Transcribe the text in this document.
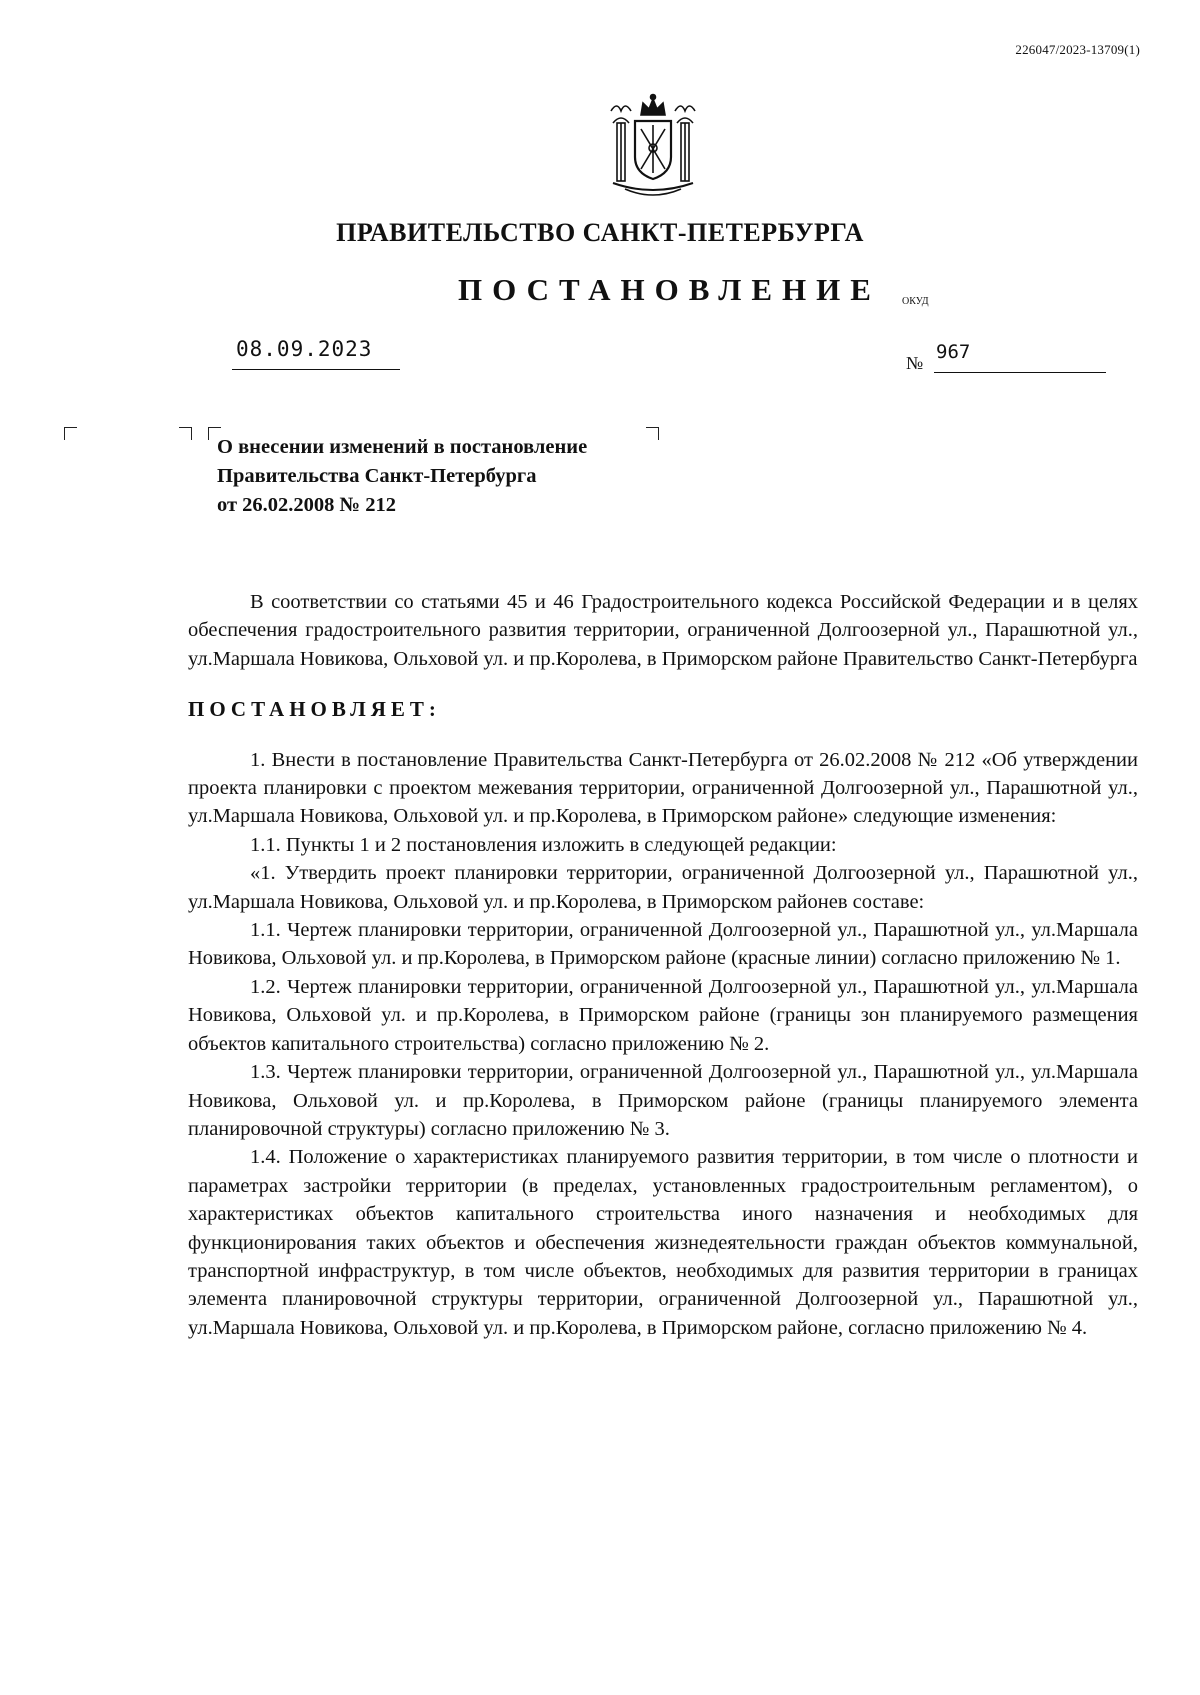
226047/2023-13709(1)
ПРАВИТЕЛЬСТВО САНКТ-ПЕТЕРБУРГА
ПОСТАНОВЛЕНИЕ ОКУД
08.09.2023
№ 967
О внесении изменений в постановление
Правительства Санкт-Петербурга
от 26.02.2008 № 212

В соответствии со статьями 45 и 46 Градостроительного кодекса Российской Федерации и в целях обеспечения градостроительного развития территории, ограниченной Долгоозерной ул., Парашютной ул., ул.Маршала Новикова, Ольховой ул. и пр.Королева, в Приморском районе Правительство Санкт-Петербурга

ПОСТАНОВЛЯЕТ:

1. Внести в постановление Правительства Санкт-Петербурга от 26.02.2008 № 212 «Об утверждении проекта планировки с проектом межевания территории, ограниченной Долгоозерной ул., Парашютной ул., ул.Маршала Новикова, Ольховой ул. и пр.Королева, в Приморском районе» следующие изменения:

1.1. Пункты 1 и 2 постановления изложить в следующей редакции:

«1. Утвердить проект планировки территории, ограниченной Долгоозерной ул., Парашютной ул., ул.Маршала Новикова, Ольховой ул. и пр.Королева, в Приморском районев составе:

1.1. Чертеж планировки территории, ограниченной Долгоозерной ул., Парашютной ул., ул.Маршала Новикова, Ольховой ул. и пр.Королева, в Приморском районе (красные линии) согласно приложению № 1.

1.2. Чертеж планировки территории, ограниченной Долгоозерной ул., Парашютной ул., ул.Маршала Новикова, Ольховой ул. и пр.Королева, в Приморском районе (границы зон планируемого размещения объектов капитального строительства) согласно приложению № 2.

1.3. Чертеж планировки территории, ограниченной Долгоозерной ул., Парашютной ул., ул.Маршала Новикова, Ольховой ул. и пр.Королева, в Приморском районе (границы планируемого элемента планировочной структуры) согласно приложению № 3.

1.4. Положение о характеристиках планируемого развития территории, в том числе о плотности и параметрах застройки территории (в пределах, установленных градостроительным регламентом), о характеристиках объектов капитального строительства иного назначения и необходимых для функционирования таких объектов и обеспечения жизнедеятельности граждан объектов коммунальной, транспортной инфраструктур, в том числе объектов, необходимых для развития территории в границах элемента планировочной структуры территории, ограниченной Долгоозерной ул., Парашютной ул., ул.Маршала Новикова, Ольховой ул. и пр.Королева, в Приморском районе, согласно приложению № 4.
